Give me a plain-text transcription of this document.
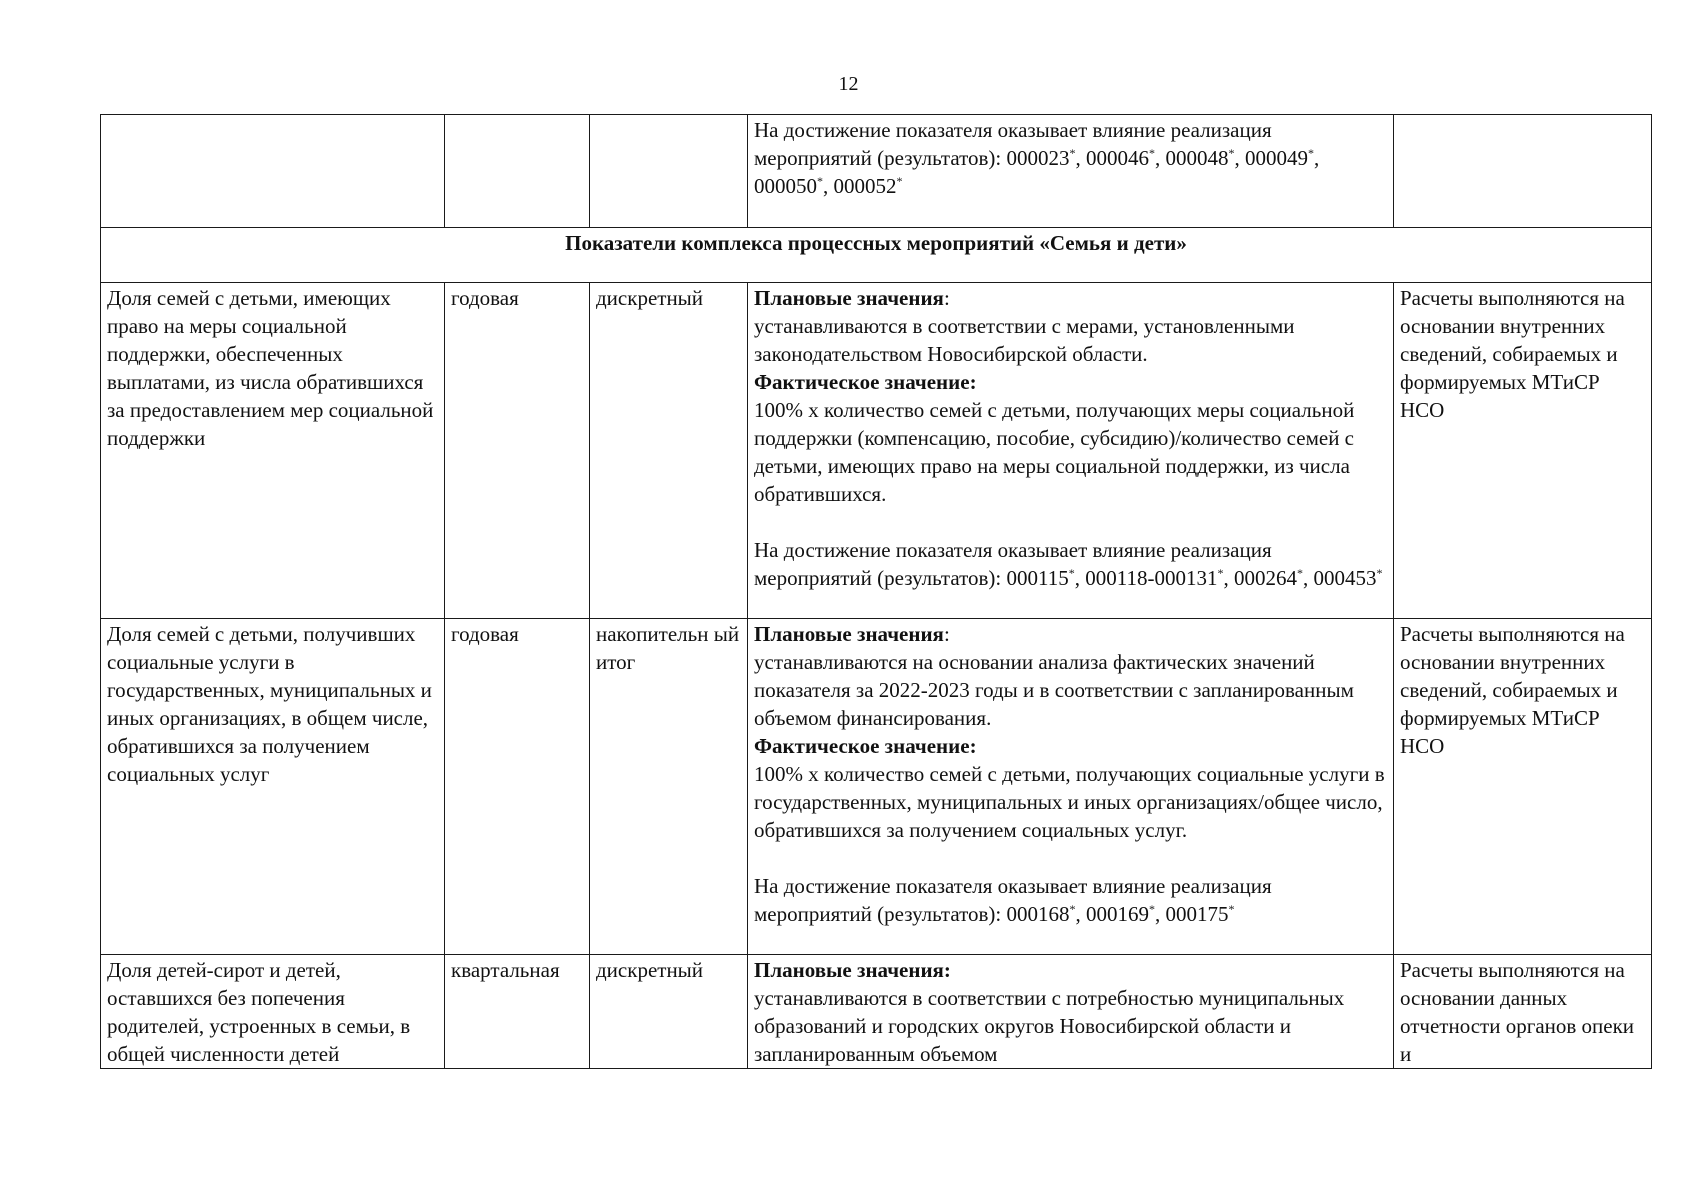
12
			На достижение показателя оказывает влияние реализация мероприятий (результатов): 000023*, 000046*, 000048*, 000049*, 000050*, 000052*	
Показатели комплекса процессных мероприятий «Семья и дети»				
Доля семей с детьми, имеющих право на меры социальной поддержки, обеспеченных выплатами, из числа обратившихся за предоставлением мер социальной поддержки	годовая	дискретный	Плановые значения:
устанавливаются в соответствии с мерами, установленными законодательством Новосибирской области.
Фактическое значение:
100% х количество семей с детьми, получающих меры социальной поддержки (компенсацию, пособие, субсидию)/количество семей с детьми, имеющих право на меры социальной поддержки, из числа обратившихся.
На достижение показателя оказывает влияние реализация мероприятий (результатов): 000115*, 000118-000131*, 000264*, 000453*	Расчеты выполняются на основании внутренних сведений, собираемых и формируемых МТиСР НСО
Доля семей с детьми, получивших социальные услуги в государственных, муниципальных и иных организациях, в общем числе, обратившихся за получением социальных услуг	годовая	накопительн ый итог	Плановые значения:
устанавливаются на основании анализа фактических значений показателя за 2022-2023 годы и в соответствии с запланированным объемом финансирования.
Фактическое значение:
100% х количество семей с детьми, получающих социальные услуги в государственных, муниципальных и иных организациях/общее число, обратившихся за получением социальных услуг.
На достижение показателя оказывает влияние реализация мероприятий (результатов): 000168*, 000169*, 000175*	Расчеты выполняются на основании внутренних сведений, собираемых и формируемых МТиСР НСО
Доля детей-сирот и детей, оставшихся без попечения родителей, устроенных в семьи, в общей численности детей	квартальная	дискретный	Плановые значения:
устанавливаются в соответствии с потребностью муниципальных образований и городских округов Новосибирской области и запланированным объемом	Расчеты выполняются на основании данных отчетности органов опеки и
